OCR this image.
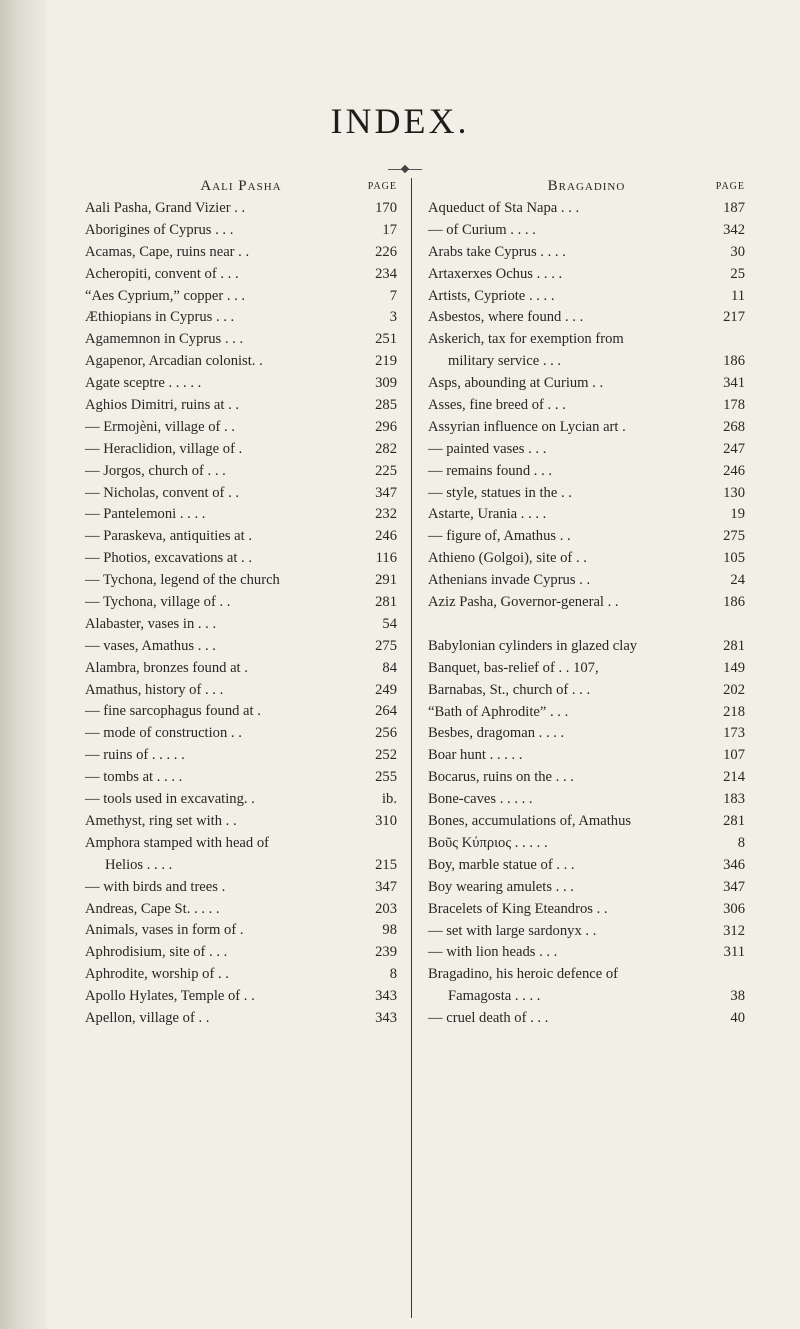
INDEX.
Aali Pasha	PAGE
Aali Pasha, Grand Vizier . .	170
Aborigines of Cyprus . . .	17
Acamas, Cape, ruins near . .	226
Acheropiti, convent of . . .	234
“Aes Cyprium,” copper . . .	7
Æthiopians in Cyprus . . .	3
Agamemnon in Cyprus . . .	251
Agapenor, Arcadian colonist. .	219
Agate sceptre . . . . .	309
Aghios Dimitri, ruins at . .	285
— Ermojèni, village of . .	296
— Heraclidion, village of .	282
— Jorgos, church of . . .	225
— Nicholas, convent of . .	347
— Pantelemoni . . . .	232
— Paraskeva, antiquities at .	246
— Photios, excavations at . .	116
— Tychona, legend of the church	291
— Tychona, village of . .	281
Alabaster, vases in . . .	54
— vases, Amathus . . .	275
Alambra, bronzes found at .	84
Amathus, history of . . .	249
— fine sarcophagus found at .	264
— mode of construction . .	256
— ruins of . . . . .	252
— tombs at . . . .	255
— tools used in excavating. .	ib.
Amethyst, ring set with . .	310
Amphora stamped with head of
Helios . . . .	215
— with birds and trees .	347
Andreas, Cape St. . . . .	203
Animals, vases in form of .	98
Aphrodisium, site of . . .	239
Aphrodite, worship of . .	8
Apollo Hylates, Temple of . .	343
Apellon, village of . .	343
Bragadino	PAGE
Aqueduct of Sta Napa . . .	187
— of Curium . . . .	342
Arabs take Cyprus . . . .	30
Artaxerxes Ochus . . . .	25
Artists, Cypriote . . . .	11
Asbestos, where found . . .	217
Askerich, tax for exemption from
military service . . .	186
Asps, abounding at Curium . .	341
Asses, fine breed of . . .	178
Assyrian influence on Lycian art .	268
— painted vases . . .	247
— remains found . . .	246
— style, statues in the . .	130
Astarte, Urania . . . .	19
— figure of, Amathus . .	275
Athieno (Golgoi), site of . .	105
Athenians invade Cyprus . .	24
Aziz Pasha, Governor-general . .	186
Babylonian cylinders in glazed clay	281
Banquet, bas-relief of . . 107,	149
Barnabas, St., church of . . .	202
“Bath of Aphrodite” . . .	218
Besbes, dragoman . . . .	173
Boar hunt . . . . .	107
Bocarus, ruins on the . . .	214
Bone-caves . . . . .	183
Bones, accumulations of, Amathus	281
Βοῦς Κύπριος . . . . .	8
Boy, marble statue of . . .	346
Boy wearing amulets . . .	347
Bracelets of King Eteandros . .	306
— set with large sardonyx . .	312
— with lion heads . . .	311
Bragadino, his heroic defence of
Famagosta . . . .	38
— cruel death of . . .	40
